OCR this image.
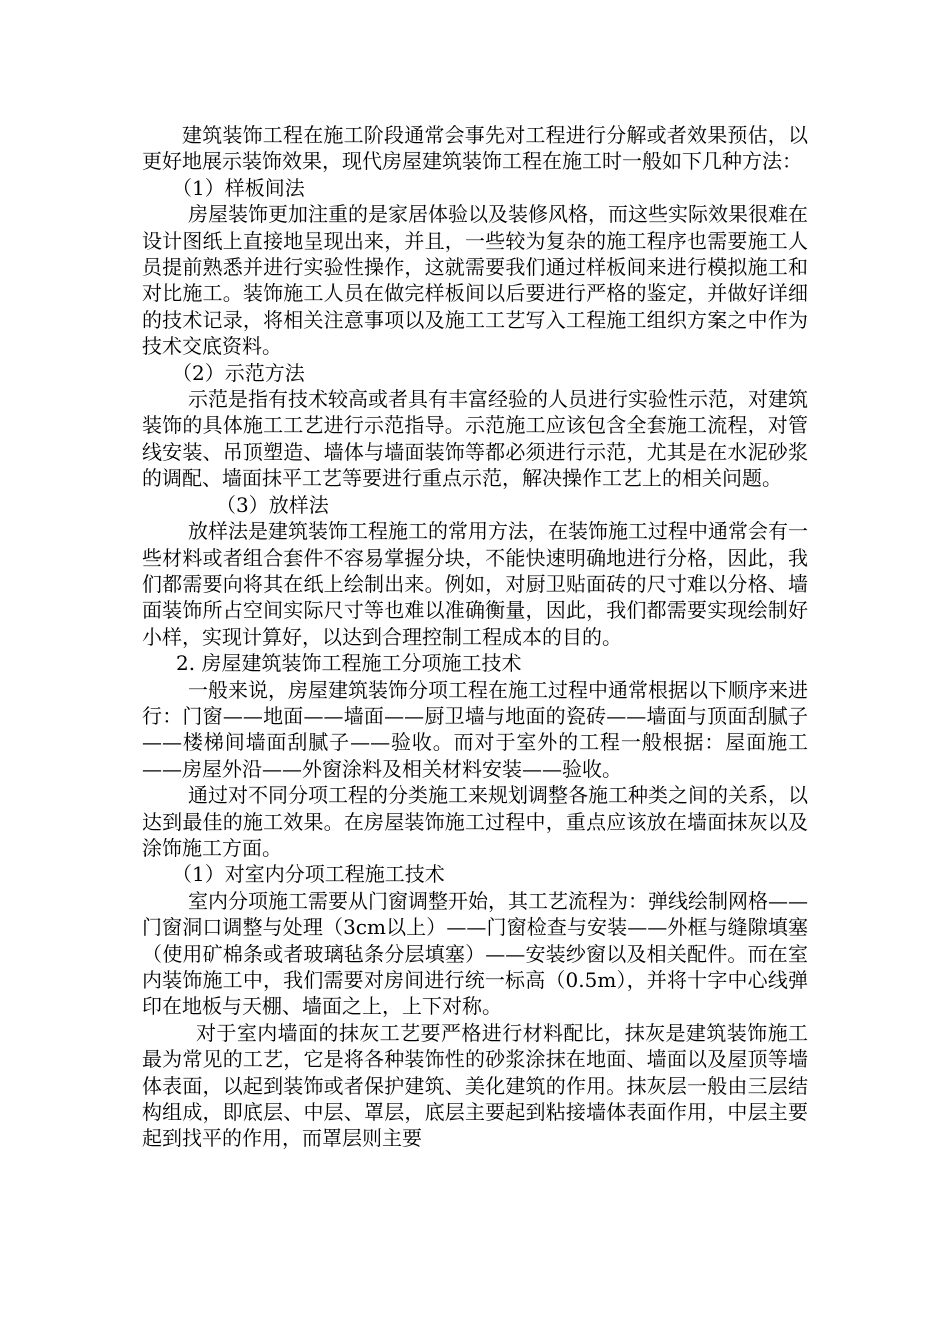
建筑装饰工程在施工阶段通常会事先对工程进行分解或者效果预估，以更好地展示装饰效果，现代房屋建筑装饰工程在施工时一般如下几种方法：

（1）样板间法

房屋装饰更加注重的是家居体验以及装修风格，而这些实际效果很难在设计图纸上直接地呈现出来，并且，一些较为复杂的施工程序也需要施工人员提前熟悉并进行实验性操作，这就需要我们通过样板间来进行模拟施工和对比施工。装饰施工人员在做完样板间以后要进行严格的鉴定，并做好详细的技术记录，将相关注意事项以及施工工艺写入工程施工组织方案之中作为技术交底资料。

（2）示范方法

示范是指有技术较高或者具有丰富经验的人员进行实验性示范，对建筑装饰的具体施工工艺进行示范指导。示范施工应该包含全套施工流程，对管线安装、吊顶塑造、墙体与墙面装饰等都必须进行示范，尤其是在水泥砂浆的调配、墙面抹平工艺等要进行重点示范，解决操作工艺上的相关问题。

（3）放样法

放样法是建筑装饰工程施工的常用方法，在装饰施工过程中通常会有一些材料或者组合套件不容易掌握分块，不能快速明确地进行分格，因此，我们都需要向将其在纸上绘制出来。例如，对厨卫贴面砖的尺寸难以分格、墙面装饰所占空间实际尺寸等也难以准确衡量，因此，我们都需要实现绘制好小样，实现计算好，以达到合理控制工程成本的目的。

2. 房屋建筑装饰工程施工分项施工技术

一般来说，房屋建筑装饰分项工程在施工过程中通常根据以下顺序来进行：门窗——地面——墙面——厨卫墙与地面的瓷砖——墙面与顶面刮腻子——楼梯间墙面刮腻子——验收。而对于室外的工程一般根据：屋面施工——房屋外沿——外窗涂料及相关材料安装——验收。

通过对不同分项工程的分类施工来规划调整各施工种类之间的关系，以达到最佳的施工效果。在房屋装饰施工过程中，重点应该放在墙面抹灰以及涂饰施工方面。

（1）对室内分项工程施工技术

室内分项施工需要从门窗调整开始，其工艺流程为：弹线绘制网格——门窗洞口调整与处理（3cm以上）——门窗检查与安装——外框与缝隙填塞（使用矿棉条或者玻璃毡条分层填塞）——安装纱窗以及相关配件。而在室内装饰施工中，我们需要对房间进行统一标高（0.5m），并将十字中心线弹印在地板与天棚、墙面之上，上下对称。

对于室内墙面的抹灰工艺要严格进行材料配比，抹灰是建筑装饰施工最为常见的工艺，它是将各种装饰性的砂浆涂抹在地面、墙面以及屋顶等墙体表面，以起到装饰或者保护建筑、美化建筑的作用。抹灰层一般由三层结构组成，即底层、中层、罩层，底层主要起到粘接墙体表面作用，中层主要起到找平的作用，而罩层则主要
